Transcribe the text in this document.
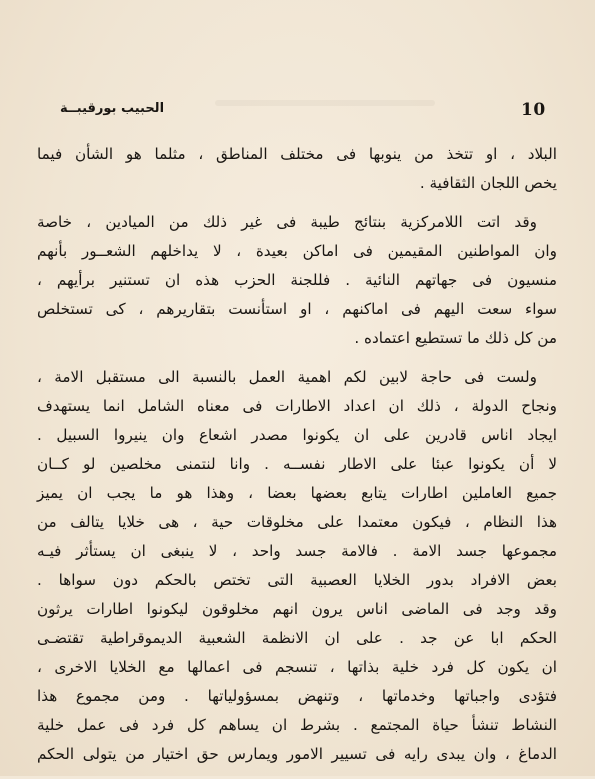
10
الحبيب بورقيبــة

البلاد ، او تتخذ من ينوبها فى مختلف المناطق ، مثلما هو الشأن فيما
يخص اللجان الثقافية .

وقد اتت اللامركزية بنتائج طيبة فى غير ذلك من الميادين ، خاصة
وان المواطنين المقيمين فى اماكن بعيدة ، لا يداخلهم الشعــور بأنهم
منسيون فى جهاتهم النائية . فللجنة الحزب هذه ان تستنير برأيهم ،
سواء سعت اليهم فى اماكنهم ، او استأنست بتقاريرهم ، كى تستخلص
من كل ذلك ما تستطيع اعتماده .

ولست فى حاجة لابين لكم اهمية العمل بالنسبة الى مستقبل الامة ،
ونجاح الدولة ، ذلك ان اعداد الاطارات فى معناه الشامل انما يستهدف
ايجاد اناس قادرين على ان يكونوا مصدر اشعاع وان ينيروا السبيل .
لا أن يكونوا عبئا على الاطار نفســه . وانا لنتمنى مخلصين لو كــان
جميع العاملين اطارات يتابع بعضها بعضا ، وهذا هو ما يجب ان يميز
هذا النظام ، فيكون معتمدا على مخلوقات حية ، هى خلايا يتالف من
مجموعها جسد الامة . فالامة جسد واحد ، لا ينبغى ان يستأثر فيـه
بعض الافراد بدور الخلايا العصبية التى تختص بالحكم دون سواها .
وقد وجد فى الماضى اناس يرون انهم مخلوقون ليكونوا اطارات يرثون
الحكم ابا عن جد . على ان الانظمة الشعبية الديموقراطية تقتضـى
ان يكون كل فرد خلية بذاتها ، تنسجم فى اعمالها مع الخلايا الاخرى ،
فتؤدى واجباتها وخدماتها ، وتنهض بمسؤولياتها . ومن مجموع هذا
النشاط تنشأ حياة المجتمع . بشرط ان يساهم كل فرد فى عمل خلية
الدماغ ، وان يبدى رايه فى تسيير الامور ويمارس حق اختيار من يتولى الحكم
